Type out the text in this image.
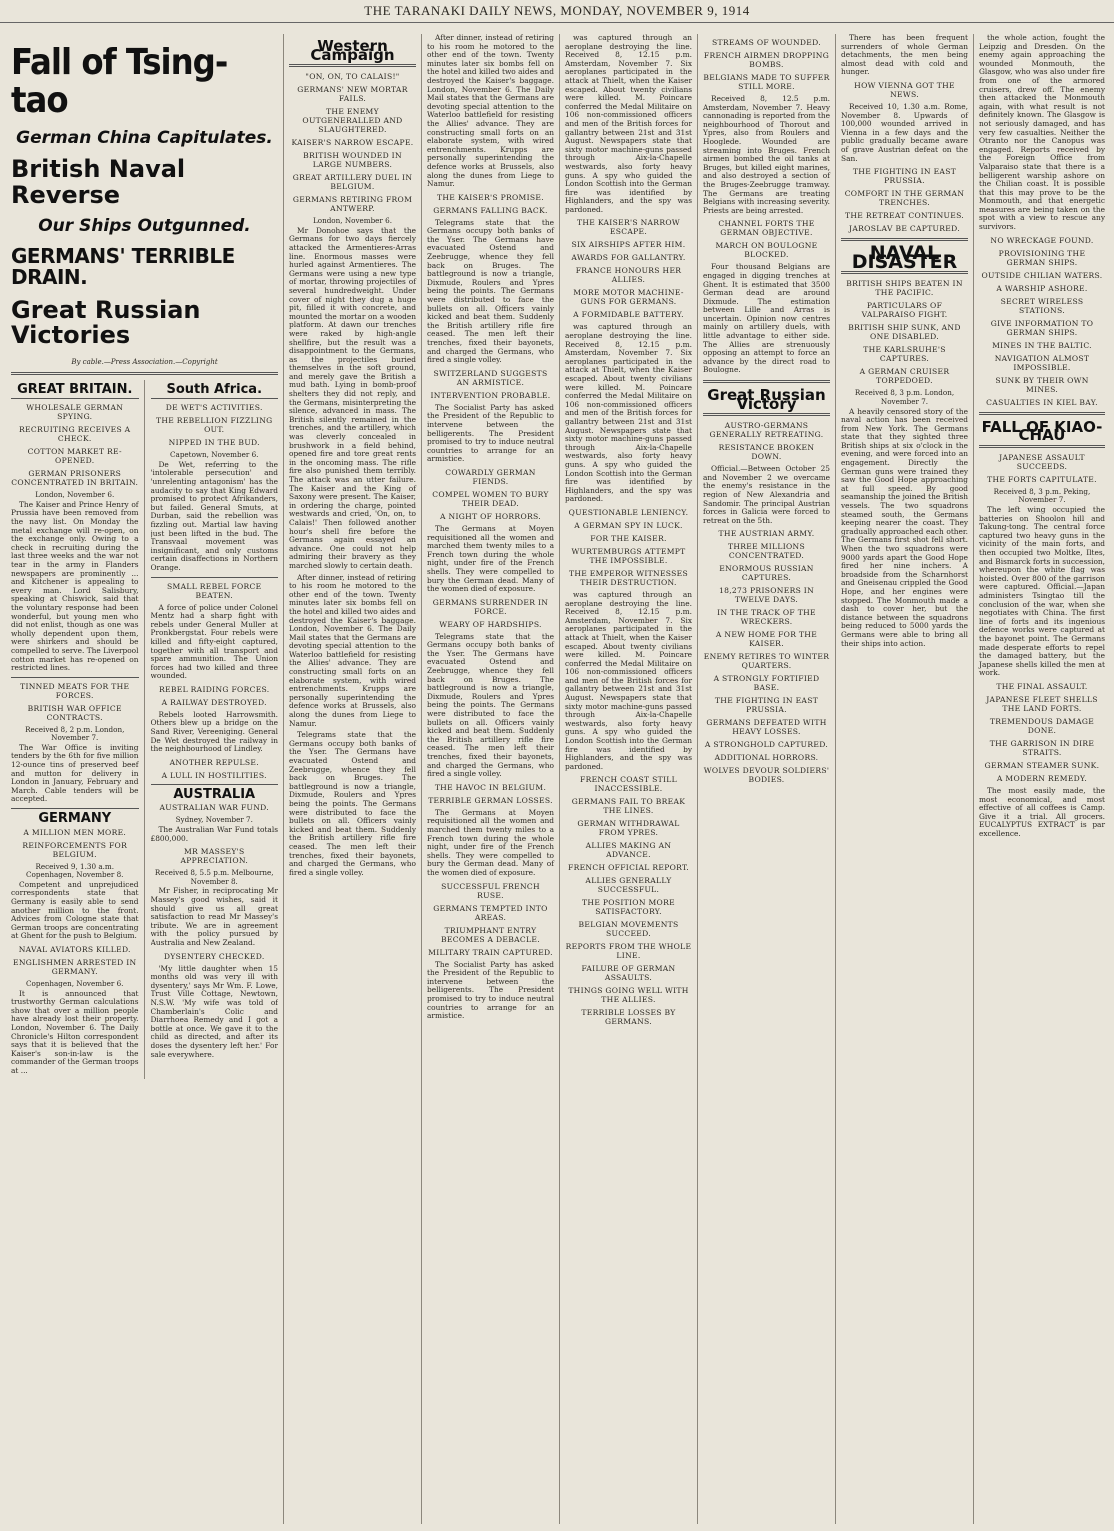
THE TARANAKI DAILY NEWS, MONDAY, NOVEMBER 9, 1914
Fall of Tsing-tao
German China Capitulates.
British Naval Reverse
Our Ships Outgunned.
GERMANS' TERRIBLE DRAIN.
Great Russian Victories
By cable.—Press Association.—Copyright
GREAT BRITAIN.
WHOLESALE GERMAN SPYING.
RECRUITING RECEIVES A CHECK.
COTTON MARKET RE-OPENED.
GERMAN PRISONERS CONCENTRATED IN BRITAIN.
London, November 6.

The Kaiser and Prince Henry of Prussia have been removed from the navy list. On Monday the metal exchange will re-open, on the exchange only. Owing to a check in recruiting during the last three weeks and the war not tear in the army in Flanders newspapers are prominently ... and Kitchener is appealing to every man. Lord Salisbury, speaking at Chiswick, said that the voluntary response had been wonderful, but young men who did not enlist, though as one was wholly dependent upon them, were shirkers and should be compelled to serve. The Liverpool cotton market has re-opened on restricted lines.

TINNED MEATS FOR THE FORCES.
BRITISH WAR OFFICE CONTRACTS.
Received 8, 2 p.m. London, November 7.

The War Office is inviting tenders by the 6th for five million 12-ounce tins of preserved beef and mutton for delivery in London in January, February and March. Cable tenders will be accepted.

GERMANY
A MILLION MEN MORE.
REINFORCEMENTS FOR BELGIUM.
Received 9, 1.30 a.m. Copenhagen, November 8.

Competent and unprejudiced correspondents state that Germany is easily able to send another million to the front. Advices from Cologne state that German troops are concentrating at Ghent for the push to Belgium.

NAVAL AVIATORS KILLED.
ENGLISHMEN ARRESTED IN GERMANY.
Copenhagen, November 6.

It is announced that trustworthy German calculations show that over a million people have already lost their property. London, November 6. The Daily Chronicle's Hilton correspondent says that it is believed that the Kaiser's son-in-law is the commander of the German troops at ...

South Africa.
DE WET'S ACTIVITIES.
THE REBELLION FIZZLING OUT.
NIPPED IN THE BUD.
Capetown, November 6.

De Wet, referring to the 'intolerable persecution' and 'unrelenting antagonism' has the audacity to say that King Edward promised to protect Afrikanders, but failed. General Smuts, at Durban, said the rebellion was fizzling out. Martial law having just been lifted in the bud. The Transvaal movement was insignificant, and only customs certain disaffections in Northern Orange.

SMALL REBEL FORCE BEATEN.

A force of police under Colonel Mentz had a sharp fight with rebels under General Muller at Pronkbergstat. Four rebels were killed and fifty-eight captured, together with all transport and spare ammunition. The Union forces had two killed and three wounded.

REBEL RAIDING FORCES.
A RAILWAY DESTROYED.

Rebels looted Harrowsmith. Others blew up a bridge on the Sand River, Vereeniging. General De Wet destroyed the railway in the neighbourhood of Lindley.

ANOTHER REPULSE.
A LULL IN HOSTILITIES.
AUSTRALIA
AUSTRALIAN WAR FUND.
Sydney, November 7.

The Australian War Fund totals £800,000.

MR MASSEY'S APPRECIATION.
Received 8, 5.5 p.m. Melbourne, November 8.

Mr Fisher, in reciprocating Mr Massey's good wishes, said it should give us all great satisfaction to read Mr Massey's tribute. We are in agreement with the policy pursued by Australia and New Zealand.

DYSENTERY CHECKED.

'My little daughter when 15 months old was very ill with dysentery,' says Mr Wm. F. Lowe, Trust Ville Cottage, Newtown, N.S.W. 'My wife was told of Chamberlain's Colic and Diarrhoea Remedy and I got a bottle at once. We gave it to the child as directed, and after its doses the dysentery left her.' For sale everywhere.

Western Campaign
"ON, ON, TO CALAIS!"
GERMANS' NEW MORTAR FAILS.
THE ENEMY OUTGENERALLED AND SLAUGHTERED.
KAISER'S NARROW ESCAPE.
BRITISH WOUNDED IN LARGE NUMBERS.
GREAT ARTILLERY DUEL IN BELGIUM.
GERMANS RETIRING FROM ANTWERP.
London, November 6.

Mr Donohoe says that the Germans for two days fiercely attacked the Armentieres-Arras line. Enormous masses were hurled against Armentieres. The Germans were using a new type of mortar, throwing projectiles of several hundredweight. Under cover of night they dug a huge pit, filled it with concrete, and mounted the mortar on a wooden platform. At dawn our trenches were raked by high-angle shellfire, but the result was a disappointment to the Germans, as the projectiles buried themselves in the soft ground, and merely gave the British a mud bath. Lying in bomb-proof shelters they did not reply, and the Germans, misinterpreting the silence, advanced in mass. The British silently remained in the trenches, and the artillery, which was cleverly concealed in brushwork in a field behind, opened fire and tore great rents in the oncoming mass. The rifle fire also punished them terribly. The attack was an utter failure. The Kaiser and the King of Saxony were present. The Kaiser, in ordering the charge, pointed westwards and cried, 'On, on, to Calais!' Then followed another hour's shell fire before the Germans again essayed an advance. One could not help admiring their bravery as they marched slowly to certain death.

After dinner, instead of retiring to his room he motored to the other end of the town. Twenty minutes later six bombs fell on the hotel and killed two aides and destroyed the Kaiser's baggage. London, November 6. The Daily Mail states that the Germans are devoting special attention to the Waterloo battlefield for resisting the Allies' advance. They are constructing small forts on an elaborate system, with wired entrenchments. Krupps are personally superintending the defence works at Brussels, also along the dunes from Liege to Namur.

Telegrams state that the Germans occupy both banks of the Yser. The Germans have evacuated Ostend and Zeebrugge, whence they fell back on Bruges. The battleground is now a triangle, Dixmude, Roulers and Ypres being the points. The Germans were distributed to face the bullets on all. Officers vainly kicked and beat them. Suddenly the British artillery rifle fire ceased. The men left their trenches, fixed their bayonets, and charged the Germans, who fired a single volley.

After dinner, instead of retiring to his room he motored to the other end of the town. Twenty minutes later six bombs fell on the hotel and killed two aides and destroyed the Kaiser's baggage. London, November 6. The Daily Mail states that the Germans are devoting special attention to the Waterloo battlefield for resisting the Allies' advance. They are constructing small forts on an elaborate system, with wired entrenchments. Krupps are personally superintending the defence works at Brussels, also along the dunes from Liege to Namur.

THE KAISER'S PROMISE.
GERMANS FALLING BACK.

Telegrams state that the Germans occupy both banks of the Yser. The Germans have evacuated Ostend and Zeebrugge, whence they fell back on Bruges. The battleground is now a triangle, Dixmude, Roulers and Ypres being the points. The Germans were distributed to face the bullets on all. Officers vainly kicked and beat them. Suddenly the British artillery rifle fire ceased. The men left their trenches, fixed their bayonets, and charged the Germans, who fired a single volley.

SWITZERLAND SUGGESTS AN ARMISTICE.
INTERVENTION PROBABLE.

The Socialist Party has asked the President of the Republic to intervene between the belligerents. The President promised to try to induce neutral countries to arrange for an armistice.

COWARDLY GERMAN FIENDS.
COMPEL WOMEN TO BURY THEIR DEAD.
A NIGHT OF HORRORS.

The Germans at Moyen requisitioned all the women and marched them twenty miles to a French town during the whole night, under fire of the French shells. They were compelled to bury the German dead. Many of the women died of exposure.

GERMANS SURRENDER IN FORCE.
WEARY OF HARDSHIPS.

Telegrams state that the Germans occupy both banks of the Yser. The Germans have evacuated Ostend and Zeebrugge, whence they fell back on Bruges. The battleground is now a triangle, Dixmude, Roulers and Ypres being the points. The Germans were distributed to face the bullets on all. Officers vainly kicked and beat them. Suddenly the British artillery rifle fire ceased. The men left their trenches, fixed their bayonets, and charged the Germans, who fired a single volley.

THE HAVOC IN BELGIUM.
TERRIBLE GERMAN LOSSES.

The Germans at Moyen requisitioned all the women and marched them twenty miles to a French town during the whole night, under fire of the French shells. They were compelled to bury the German dead. Many of the women died of exposure.

SUCCESSFUL FRENCH RUSE.
GERMANS TEMPTED INTO AREAS.
TRIUMPHANT ENTRY BECOMES A DEBACLE.
MILITARY TRAIN CAPTURED.

The Socialist Party has asked the President of the Republic to intervene between the belligerents. The President promised to try to induce neutral countries to arrange for an armistice.

was captured through an aeroplane destroying the line. Received 8, 12.15 p.m. Amsterdam, November 7. Six aeroplanes participated in the attack at Thielt, when the Kaiser escaped. About twenty civilians were killed. M. Poincare conferred the Medal Militaire on 106 non-commissioned officers and men of the British forces for gallantry between 21st and 31st August. Newspapers state that sixty motor machine-guns passed through Aix-la-Chapelle westwards, also forty heavy guns. A spy who guided the London Scottish into the German fire was identified by Highlanders, and the spy was pardoned.

THE KAISER'S NARROW ESCAPE.
SIX AIRSHIPS AFTER HIM.
AWARDS FOR GALLANTRY.
FRANCE HONOURS HER ALLIES.
MORE MOTOR MACHINE-GUNS FOR GERMANS.
A FORMIDABLE BATTERY.

was captured through an aeroplane destroying the line. Received 8, 12.15 p.m. Amsterdam, November 7. Six aeroplanes participated in the attack at Thielt, when the Kaiser escaped. About twenty civilians were killed. M. Poincare conferred the Medal Militaire on 106 non-commissioned officers and men of the British forces for gallantry between 21st and 31st August. Newspapers state that sixty motor machine-guns passed through Aix-la-Chapelle westwards, also forty heavy guns. A spy who guided the London Scottish into the German fire was identified by Highlanders, and the spy was pardoned.

QUESTIONABLE LENIENCY.
A GERMAN SPY IN LUCK.
FOR THE KAISER.
WURTEMBURGS ATTEMPT THE IMPOSSIBLE.
THE EMPEROR WITNESSES THEIR DESTRUCTION.

was captured through an aeroplane destroying the line. Received 8, 12.15 p.m. Amsterdam, November 7. Six aeroplanes participated in the attack at Thielt, when the Kaiser escaped. About twenty civilians were killed. M. Poincare conferred the Medal Militaire on 106 non-commissioned officers and men of the British forces for gallantry between 21st and 31st August. Newspapers state that sixty motor machine-guns passed through Aix-la-Chapelle westwards, also forty heavy guns. A spy who guided the London Scottish into the German fire was identified by Highlanders, and the spy was pardoned.

FRENCH COAST STILL INACCESSIBLE.
GERMANS FAIL TO BREAK THE LINES.
GERMAN WITHDRAWAL FROM YPRES.
ALLIES MAKING AN ADVANCE.
FRENCH OFFICIAL REPORT.
ALLIES GENERALLY SUCCESSFUL.
THE POSITION MORE SATISFACTORY.
BELGIAN MOVEMENTS SUCCEED.
REPORTS FROM THE WHOLE LINE.
FAILURE OF GERMAN ASSAULTS.
THINGS GOING WELL WITH THE ALLIES.
TERRIBLE LOSSES BY GERMANS.
STREAMS OF WOUNDED.
FRENCH AIRMEN DROPPING BOMBS.
BELGIANS MADE TO SUFFER STILL MORE.

Received 8, 12.5 p.m. Amsterdam, November 7. Heavy cannonading is reported from the neighbourhood of Thorout and Ypres, also from Roulers and Hooglede. Wounded are streaming into Bruges. French airmen bombed the oil tanks at Bruges, but killed eight marines, and also destroyed a section of the Bruges-Zeebrugge tramway. The Germans are treating Belgians with increasing severity. Priests are being arrested.

CHANNEL FORTS THE GERMAN OBJECTIVE.
MARCH ON BOULOGNE BLOCKED.

Four thousand Belgians are engaged in digging trenches at Ghent. It is estimated that 3500 German dead are around Dixmude. The estimation between Lille and Arras is uncertain. Opinion now centres mainly on artillery duels, with little advantage to either side. The Allies are strenuously opposing an attempt to force an advance by the direct road to Boulogne.

Great Russian Victory
AUSTRO-GERMANS GENERALLY RETREATING.
RESISTANCE BROKEN DOWN.

Official.—Between October 25 and November 2 we overcame the enemy's resistance in the region of New Alexandria and Sandomir. The principal Austrian forces in Galicia were forced to retreat on the 5th.

THE AUSTRIAN ARMY.
THREE MILLIONS CONCENTRATED.
ENORMOUS RUSSIAN CAPTURES.
18,273 PRISONERS IN TWELVE DAYS.
IN THE TRACK OF THE WRECKERS.
A NEW HOME FOR THE KAISER.
ENEMY RETIRES TO WINTER QUARTERS.
A STRONGLY FORTIFIED BASE.
THE FIGHTING IN EAST PRUSSIA.
GERMANS DEFEATED WITH HEAVY LOSSES.
A STRONGHOLD CAPTURED.
ADDITIONAL HORRORS.
WOLVES DEVOUR SOLDIERS' BODIES.

There has been frequent surrenders of whole German detachments, the men being almost dead with cold and hunger.

HOW VIENNA GOT THE NEWS.

Received 10, 1.30 a.m. Rome, November 8. Upwards of 100,000 wounded arrived in Vienna in a few days and the public gradually became aware of grave Austrian defeat on the San.

THE FIGHTING IN EAST PRUSSIA.
COMFORT IN THE GERMAN TRENCHES.
THE RETREAT CONTINUES.
JAROSLAV BE CAPTURED.
NAVAL DISASTER
BRITISH SHIPS BEATEN IN THE PACIFIC.
PARTICULARS OF VALPARAISO FIGHT.
BRITISH SHIP SUNK, AND ONE DISABLED.
THE KARLSRUHE'S CAPTURES.
A GERMAN CRUISER TORPEDOED.
Received 8, 3 p.m. London, November 7.

A heavily censored story of the naval action has been received from New York. The Germans state that they sighted three British ships at six o'clock in the evening, and were forced into an engagement. Directly the German guns were trained they saw the Good Hope approaching at full speed. By good seamanship the joined the British vessels. The two squadrons steamed south, the Germans keeping nearer the coast. They gradually approached each other. The Germans first shot fell short. When the two squadrons were 9000 yards apart the Good Hope fired her nine inchers. A broadside from the Scharnhorst and Gneisenau crippled the Good Hope, and her engines were stopped. The Monmouth made a dash to cover her, but the distance between the squadrons being reduced to 5000 yards the Germans were able to bring all their ships into action.

the whole action, fought the Leipzig and Dresden. On the enemy again approaching the wounded Monmouth, the Glasgow, who was also under fire from one of the armored cruisers, drew off. The enemy then attacked the Monmouth again, with what result is not definitely known. The Glasgow is not seriously damaged, and has very few casualties. Neither the Otranto nor the Canopus was engaged. Reports received by the Foreign Office from Valparaiso state that there is a belligerent warship ashore on the Chilian coast. It is possible that this may prove to be the Monmouth, and that energetic measures are being taken on the spot with a view to rescue any survivors.

NO WRECKAGE FOUND.
PROVISIONING THE GERMAN SHIPS.
OUTSIDE CHILIAN WATERS.
A WARSHIP ASHORE.
SECRET WIRELESS STATIONS.
GIVE INFORMATION TO GERMAN SHIPS.
MINES IN THE BALTIC.
NAVIGATION ALMOST IMPOSSIBLE.
SUNK BY THEIR OWN MINES.
CASUALTIES IN KIEL BAY.
FALL OF KIAO-CHAU
JAPANESE ASSAULT SUCCEEDS.
THE FORTS CAPITULATE.
Received 8, 3 p.m. Peking, November 7.

The left wing occupied the batteries on Shoolon hill and Takung-tong. The central force captured two heavy guns in the vicinity of the main forts, and then occupied two Moltke, Iltes, and Bismarck forts in succession, whereupon the white flag was hoisted. Over 800 of the garrison were captured. Official.—Japan administers Tsingtao till the conclusion of the war, when she negotiates with China. The first line of forts and its ingenious defence works were captured at the bayonet point. The Germans made desperate efforts to repel the damaged battery, but the Japanese shells killed the men at work.

THE FINAL ASSAULT.
JAPANESE FLEET SHELLS THE LAND FORTS.
TREMENDOUS DAMAGE DONE.
THE GARRISON IN DIRE STRAITS.
GERMAN STEAMER SUNK.
A MODERN REMEDY.

The most easily made, the most economical, and most effective of all coffees is Camp. Give it a trial. All grocers. EUCALYPTUS EXTRACT is par excellence.
